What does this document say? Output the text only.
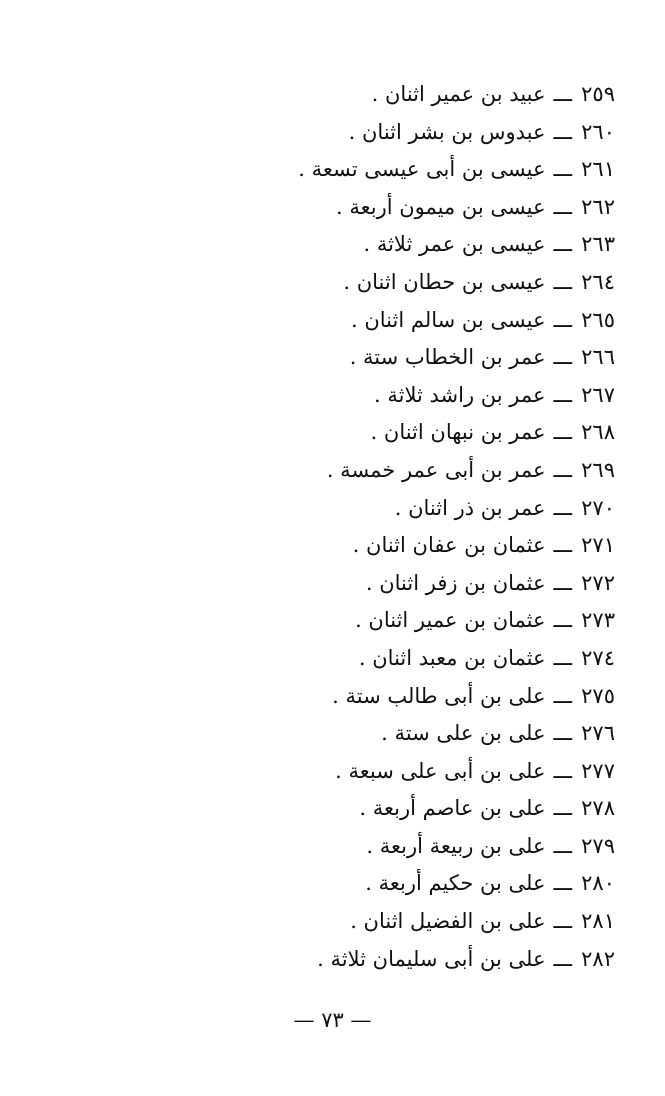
٢٥٩ـــعبيد بن عمير اثنان .
٢٦٠ـــعبدوس بن بشر اثنان .
٢٦١ـــعيسى بن أبى عيسى تسعة .
٢٦٢ـــعيسى بن ميمون أربعة .
٢٦٣ـــعيسى بن عمر ثلاثة .
٢٦٤ـــعيسى بن حطان اثنان .
٢٦٥ـــعيسى بن سالم اثنان .
٢٦٦ـــعمر بن الخطاب ستة .
٢٦٧ـــعمر بن راشد ثلاثة .
٢٦٨ـــعمر بن نبهان اثنان .
٢٦٩ـــعمر بن أبى عمر خمسة .
٢٧٠ـــعمر بن ذر اثنان .
٢٧١ـــعثمان بن عفان اثنان .
٢٧٢ـــعثمان بن زفر اثنان .
٢٧٣ـــعثمان بن عمير اثنان .
٢٧٤ـــعثمان بن معبد اثنان .
٢٧٥ـــعلى بن أبى طالب ستة .
٢٧٦ـــعلى بن على ستة .
٢٧٧ـــعلى بن أبى على سبعة .
٢٧٨ـــعلى بن عاصم أربعة .
٢٧٩ـــعلى بن ربيعة أربعة .
٢٨٠ـــعلى بن حكيم أربعة .
٢٨١ـــعلى بن الفضيل اثنان .
٢٨٢ـــعلى بن أبى سليمان ثلاثة .
— ٧٣ —
